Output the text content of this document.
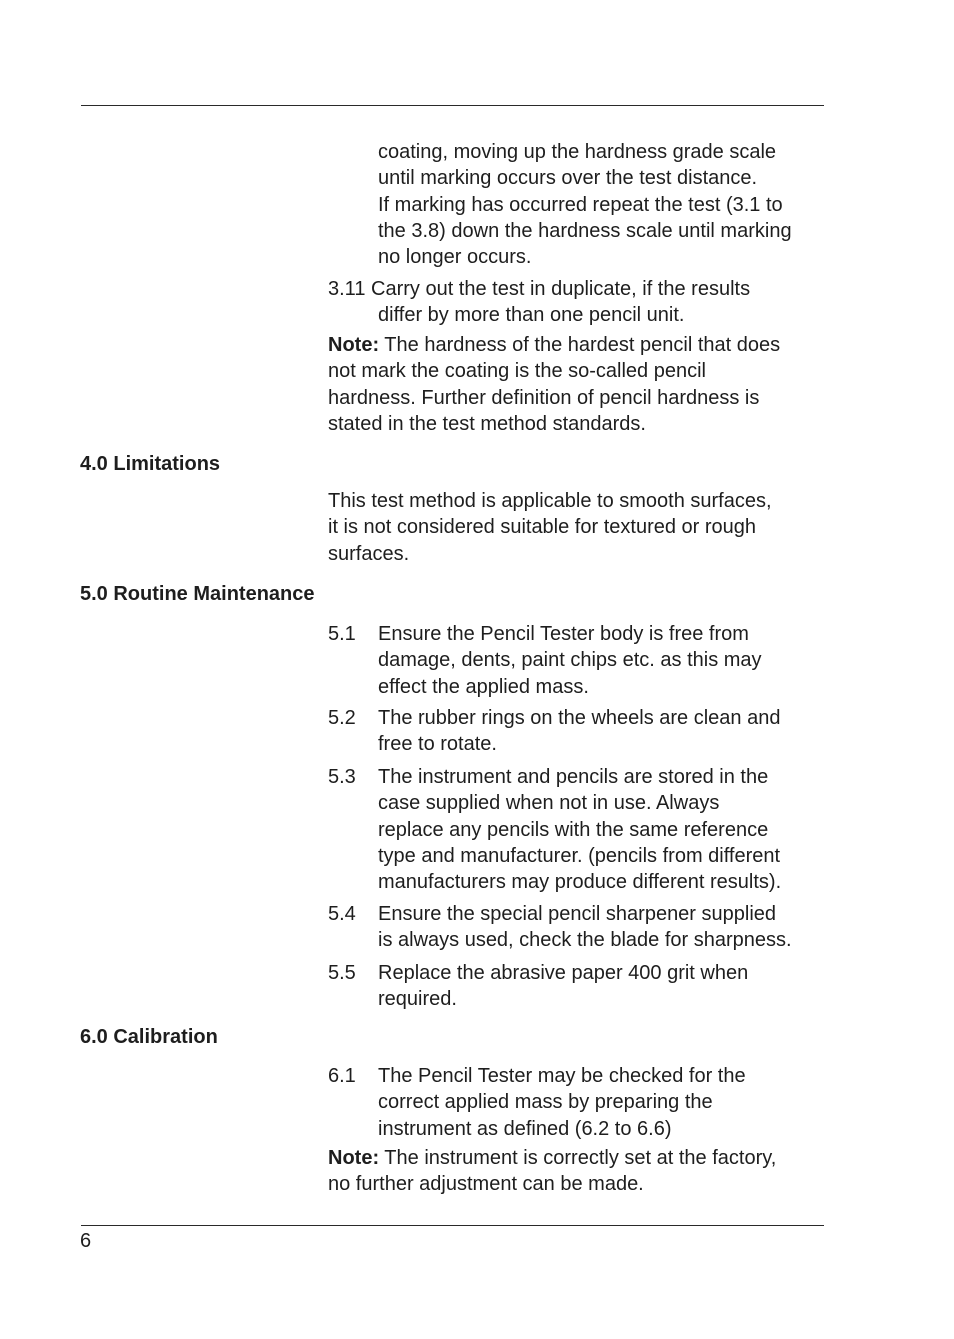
coating, moving up the hardness grade scale
until marking occurs over the test distance.
If marking has occurred repeat the test (3.1 to
the 3.8) down the hardness scale until marking
no longer occurs.
3.11 Carry out the test in duplicate, if the results
differ by more than one pencil unit.
Note: The hardness of the hardest pencil that does
not mark the coating is the so-called pencil
hardness. Further definition of pencil hardness is
stated in the test method standards.
4.0 Limitations
This test method is applicable to smooth surfaces,
it is not considered suitable for textured or rough
surfaces.
5.0 Routine Maintenance
5.1 Ensure the Pencil Tester body is free from
damage, dents, paint chips etc. as this may
effect the applied mass.
5.2 The rubber rings on the wheels are clean and
free to rotate.
5.3 The instrument and pencils are stored in the
case supplied when not in use. Always
replace any pencils with the same reference
type and manufacturer. (pencils from different
manufacturers may produce different results).
5.4 Ensure the special pencil sharpener supplied
is always used, check the blade for sharpness.
5.5 Replace the abrasive paper 400 grit when
required.
6.0 Calibration
6.1 The Pencil Tester may be checked for the
correct applied mass by preparing the
instrument as defined (6.2 to 6.6)
Note: The instrument is correctly set at the factory,
no further adjustment can be made.
6
